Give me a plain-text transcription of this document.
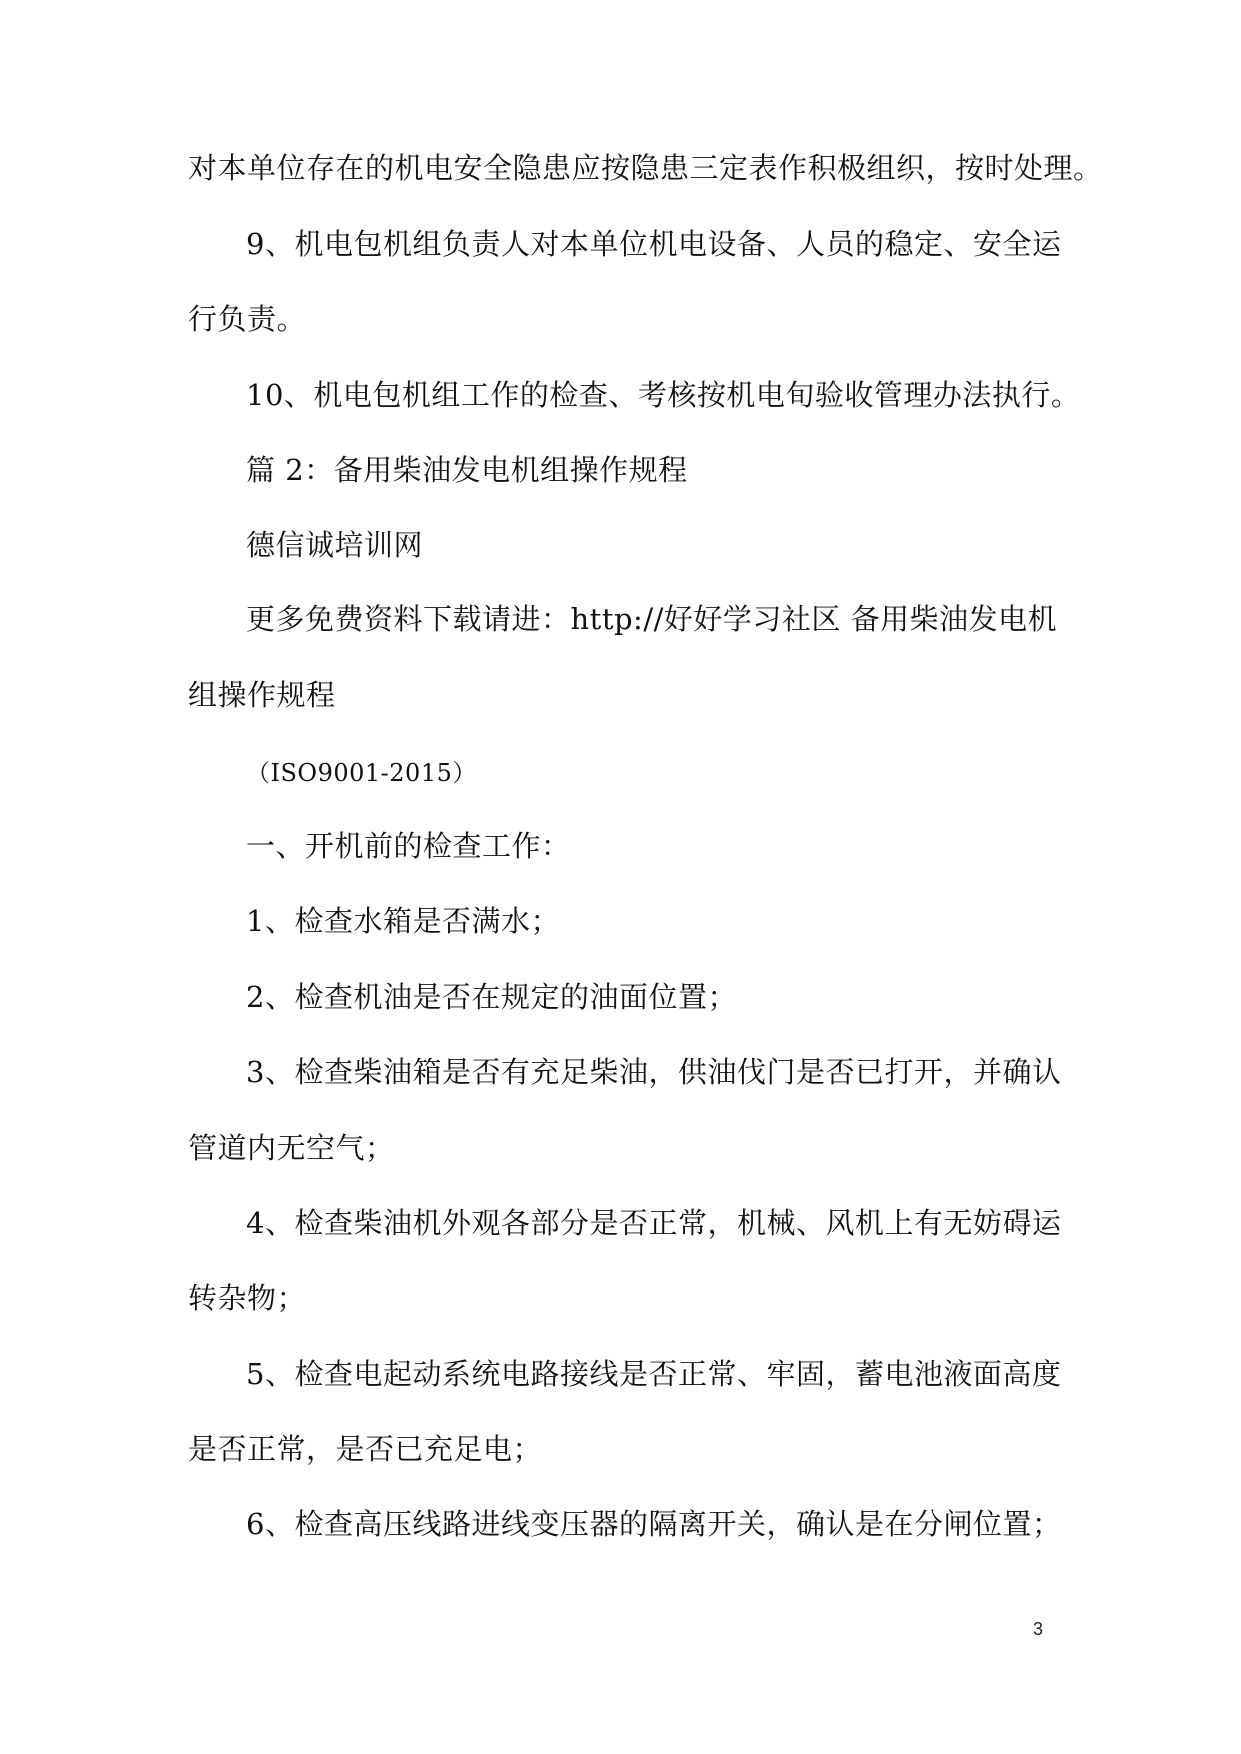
对本单位存在的机电安全隐患应按隐患三定表作积极组织，按时处理。
9、机电包机组负责人对本单位机电设备、人员的稳定、安全运
行负责。
10、机电包机组工作的检查、考核按机电旬验收管理办法执行。
篇 2：备用柴油发电机组操作规程
德信诚培训网
更多免费资料下载请进：http://好好学习社区 备用柴油发电机
组操作规程
（ISO9001-2015）
一、开机前的检查工作：
1、检查水箱是否满水；
2、检查机油是否在规定的油面位置；
3、检查柴油箱是否有充足柴油，供油伐门是否已打开，并确认
管道内无空气；
4、检查柴油机外观各部分是否正常，机械、风机上有无妨碍运
转杂物；
5、检查电起动系统电路接线是否正常、牢固，蓄电池液面高度
是否正常，是否已充足电；
6、检查高压线路进线变压器的隔离开关，确认是在分闸位置；
3
